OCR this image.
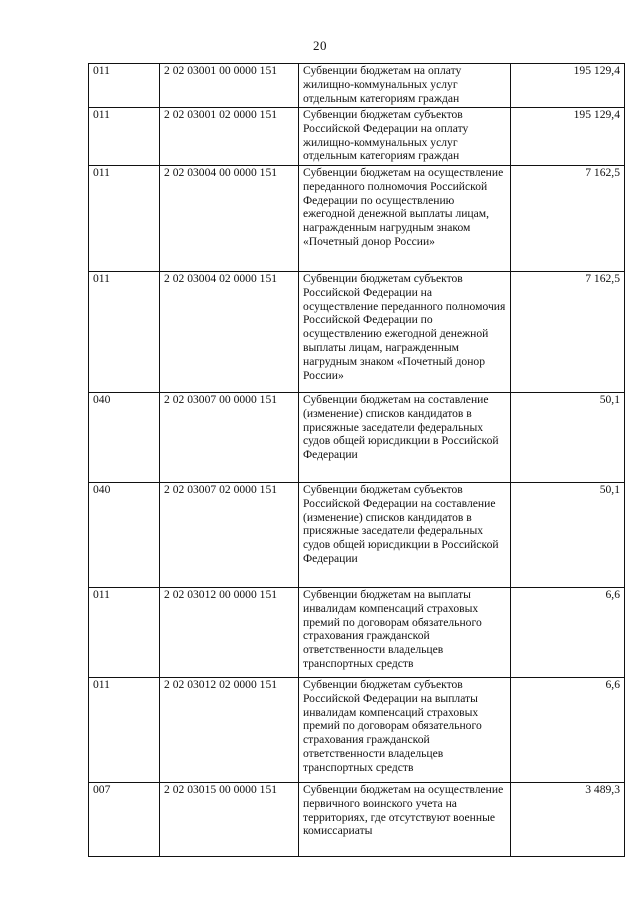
20
011	2 02 03001 00 0000 151	Субвенции бюджетам на оплату жилищно-коммунальных услуг отдельным категориям граждан	195 129,4
011	2 02 03001 02 0000 151	Субвенции бюджетам субъектов Российской Федерации на оплату жилищно-коммунальных услуг отдельным категориям граждан	195 129,4
011	2 02 03004 00 0000 151	Субвенции бюджетам на осуществление переданного полномочия Российской Федерации по осуществлению ежегодной денежной выплаты лицам, награжденным нагрудным знаком «Почетный донор России»	7 162,5
011	2 02 03004 02 0000 151	Субвенции бюджетам субъектов Российской Федерации на осуществление переданного полномочия Российской Федерации по осуществлению ежегодной денежной выплаты лицам, награжденным нагрудным знаком «Почетный донор России»	7 162,5
040	2 02 03007 00 0000 151	Субвенции бюджетам на составление (изменение) списков кандидатов в присяжные заседатели федеральных судов общей юрисдикции в Российской Федерации	50,1
040	2 02 03007 02 0000 151	Субвенции бюджетам субъектов Российской Федерации на составление (изменение) списков кандидатов в присяжные заседатели федеральных судов общей юрисдикции в Российской Федерации	50,1
011	2 02 03012 00 0000 151	Субвенции бюджетам на выплаты инвалидам компенсаций страховых премий по договорам обязательного страхования гражданской ответственности владельцев транспортных средств	6,6
011	2 02 03012 02 0000 151	Субвенции бюджетам субъектов Российской Федерации на выплаты инвалидам компенсаций страховых премий по договорам обязательного страхования гражданской ответственности владельцев транспортных средств	6,6
007	2 02 03015 00 0000 151	Субвенции бюджетам на осуществление первичного воинского учета на территориях, где отсутствуют военные комиссариаты	3 489,3
